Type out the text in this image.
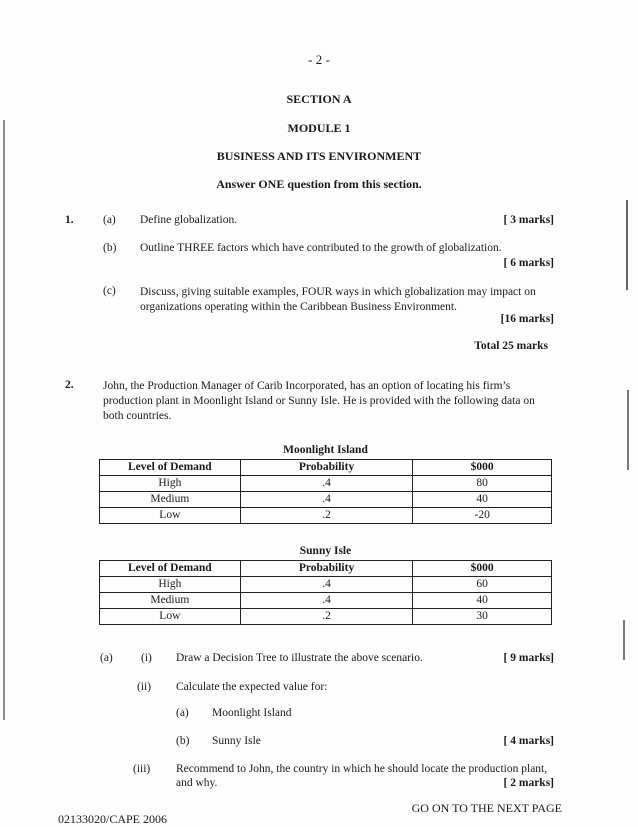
- 2 -
SECTION A
MODULE 1
BUSINESS AND ITS ENVIRONMENT
Answer ONE question from this section.
1.	(a) Define globalization.	[ 3 marks]
(b) Outline THREE factors which have contributed to the growth of globalization.
[ 6 marks]
(c) Discuss, giving suitable examples, FOUR ways in which globalization may impact on organizations operating within the Caribbean Business Environment.
[16 marks]
Total 25 marks
2.	John, the Production Manager of Carib Incorporated, has an option of locating his firm’s production plant in Moonlight Island or Sunny Isle. He is provided with the following data on both countries.
Moonlight Island
Level of Demand	Probability	$000
High	.4	80
Medium	.4	40
Low	.2	-20
Sunny Isle
Level of Demand	Probability	$000
High	.4	60
Medium	.4	40
Low	.2	30
(a) (i) Draw a Decision Tree to illustrate the above scenario.	[ 9 marks]
(ii) Calculate the expected value for:
(a) Moonlight Island
(b) Sunny Isle	[ 4 marks]
(iii) Recommend to John, the country in which he should locate the production plant,
and why.	[ 2 marks]
GO ON TO THE NEXT PAGE
02133020/CAPE 2006
